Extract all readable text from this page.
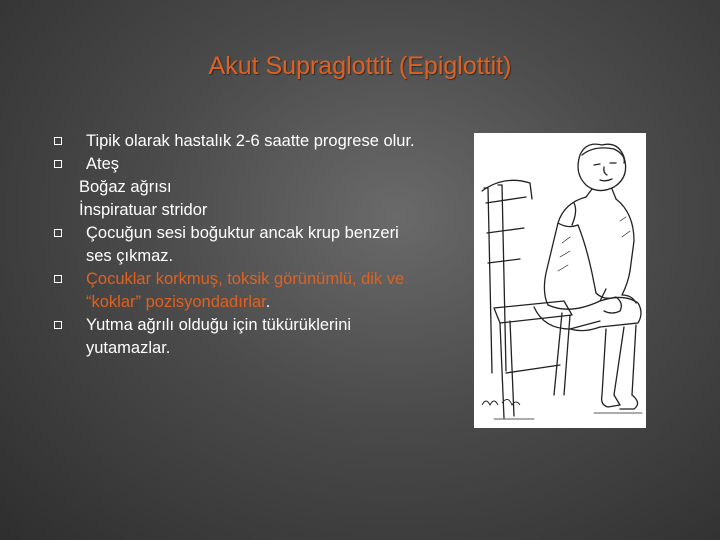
Akut Supraglottit (Epiglottit)
Tipik olarak hastalık 2-6 saatte progrese olur.
Ateş
Boğaz ağrısı
İnspiratuar stridor
Çocuğun sesi boğuktur ancak krup benzeri ses çıkmaz.
Çocuklar korkmuş, toksik görünümlü, dik ve “koklar” pozisyondadırlar.
Yutma ağrılı olduğu için tükürüklerini yutamazlar.
